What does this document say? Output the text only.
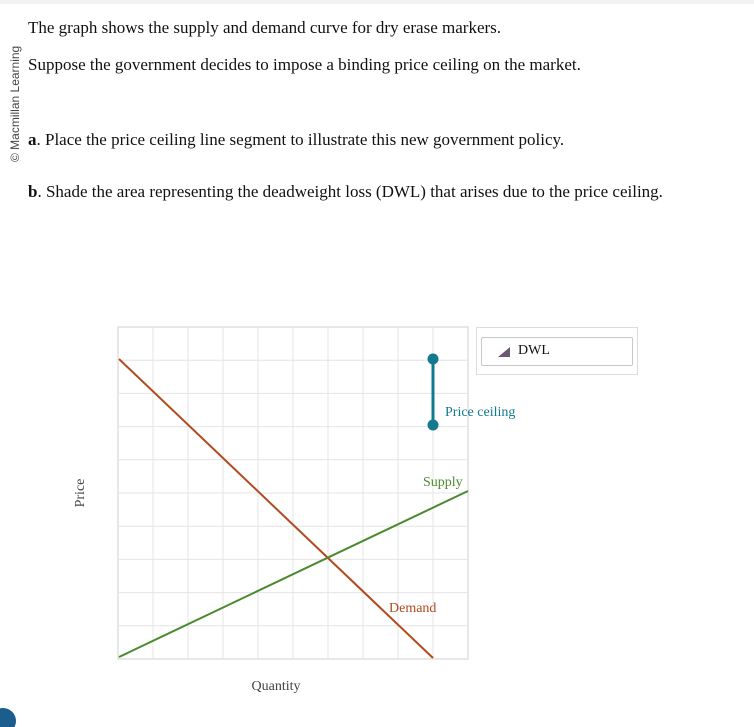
© Macmillan Learning
The graph shows the supply and demand curve for dry erase markers.
Suppose the government decides to impose a binding price ceiling on the market.
a. Place the price ceiling line segment to illustrate this new government policy.
b. Shade the area representing the deadweight loss (DWL) that arises due to the price ceiling.
Price
Quantity
Supply
Demand
Price ceiling
DWL
